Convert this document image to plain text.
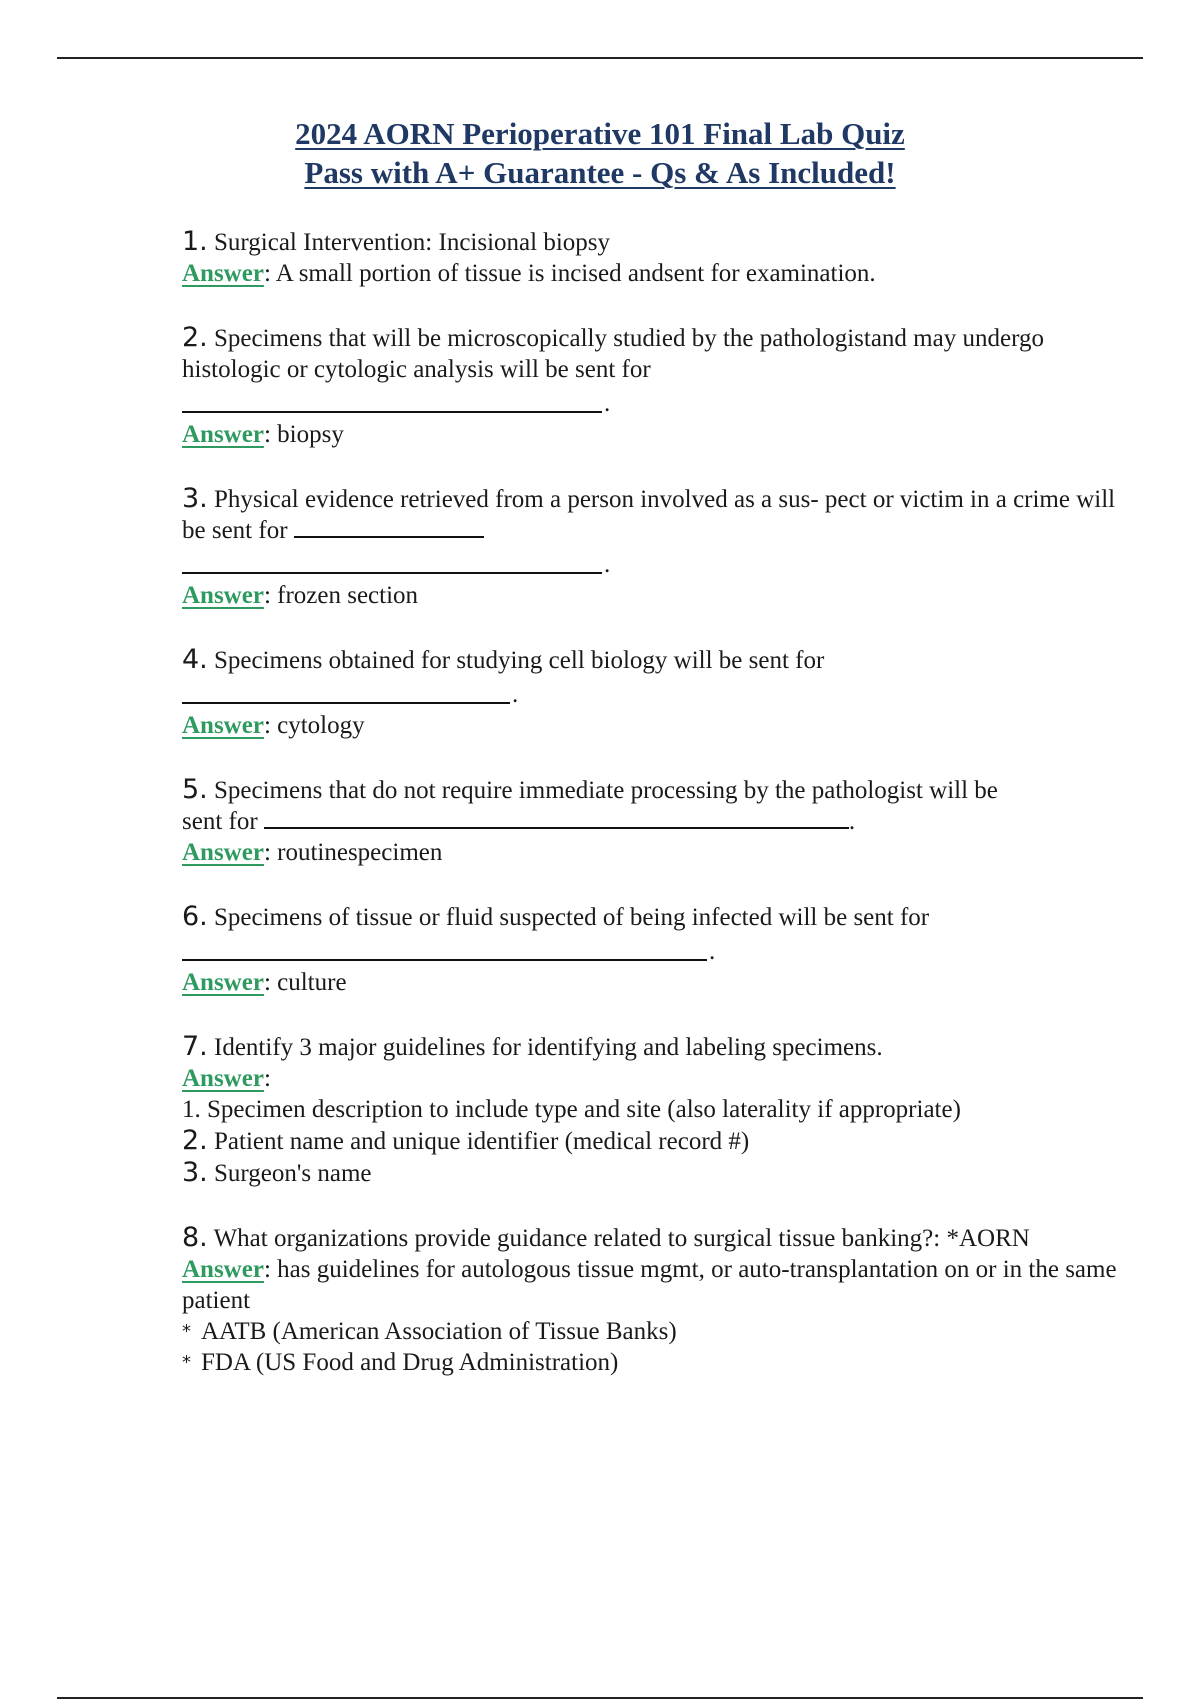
2024 AORN Perioperative 101 Final Lab Quiz
Pass with A+ Guarantee - Qs & As Included!
1. Surgical Intervention: Incisional biopsy
Answer: A small portion of tissue is incised andsent for examination.
2. Specimens that will be microscopically studied by the pathologistand may undergo histologic or cytologic analysis will be sent for
.
Answer: biopsy
3. Physical evidence retrieved from a person involved as a sus- pect or victim in a crime will be sent for
.
Answer: frozen section
4. Specimens obtained for studying cell biology will be sent for
.
Answer: cytology
5. Specimens that do not require immediate processing by the pathologist will be
sent for	.
Answer: routinespecimen
6. Specimens of tissue or fluid suspected of being infected will be sent for
.
Answer: culture
7. Identify 3 major guidelines for identifying and labeling specimens.
Answer:
1. Specimen description to include type and site (also laterality if appropriate)
2. Patient name and unique identifier (medical record #)
3. Surgeon's name
8. What organizations provide guidance related to surgical tissue banking?: *AORN
Answer: has guidelines for autologous tissue mgmt, or auto-transplantation on or in the same patient
* AATB (American Association of Tissue Banks)
* FDA (US Food and Drug Administration)
